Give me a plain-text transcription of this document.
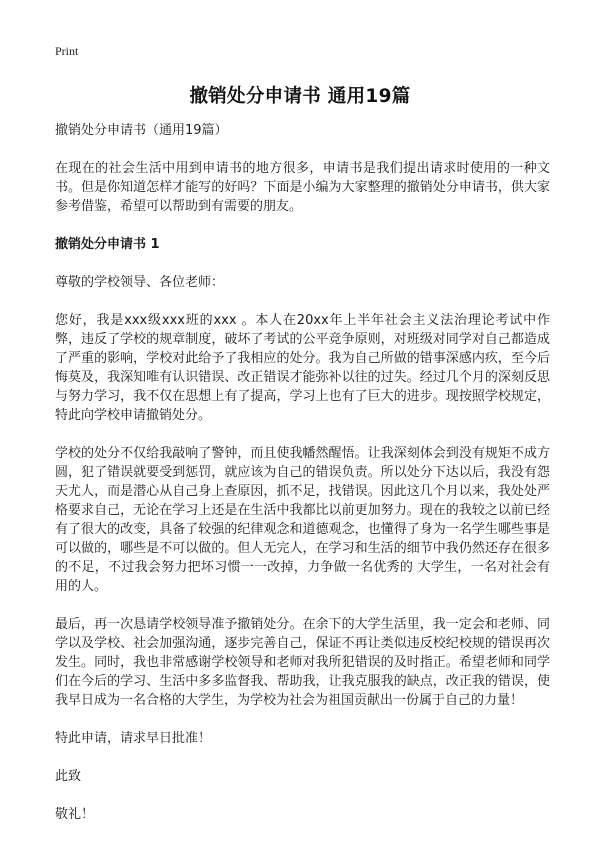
Print
撤销处分申请书 通用19篇

撤销处分申请书（通用19篇）

在现在的社会生活中用到申请书的地方很多，申请书是我们提出请求时使用的一种文书。但是你知道怎样才能写的好吗？下面是小编为大家整理的撤销处分申请书，供大家参考借鉴，希望可以帮助到有需要的朋友。

撤销处分申请书 1

尊敬的学校领导、各位老师：

您好，我是xxx级xxx班的xxx 。本人在20xx年上半年社会主义法治理论考试中作弊，违反了学校的规章制度，破坏了考试的公平竞争原则，对班级对同学对自己都造成了严重的影响，学校对此给予了我相应的处分。我为自己所做的错事深感内疚，至今后悔莫及，我深知唯有认识错误、改正错误才能弥补以往的过失。经过几个月的深刻反思与努力学习，我不仅在思想上有了提高，学习上也有了巨大的进步。现按照学校规定，特此向学校申请撤销处分。

学校的处分不仅给我敲响了警钟，而且使我幡然醒悟。让我深刻体会到没有规矩不成方圆，犯了错误就要受到惩罚，就应该为自己的错误负责。所以处分下达以后，我没有怨天尤人，而是潜心从自己身上查原因，抓不足，找错误。因此这几个月以来，我处处严格要求自己，无论在学习上还是在生活中我都比以前更加努力。现在的我较之以前已经有了很大的改变，具备了较强的纪律观念和道德观念，也懂得了身为一名学生哪些事是可以做的，哪些是不可以做的。但人无完人，在学习和生活的细节中我仍然还存在很多的不足，不过我会努力把坏习惯一一改掉，力争做一名优秀的 大学生，一名对社会有用的人。

最后，再一次恳请学校领导准予撤销处分。在余下的大学生活里，我一定会和老师、同学以及学校、社会加强沟通，逐步完善自己，保证不再让类似违反校纪校规的错误再次发生。同时，我也非常感谢学校领导和老师对我所犯错误的及时指正。希望老师和同学们在今后的学习、生活中多多监督我、帮助我，让我克服我的缺点，改正我的错误，使我早日成为一名合格的大学生，为学校为社会为祖国贡献出一份属于自己的力量！

特此申请，请求早日批准！

此致

敬礼！
